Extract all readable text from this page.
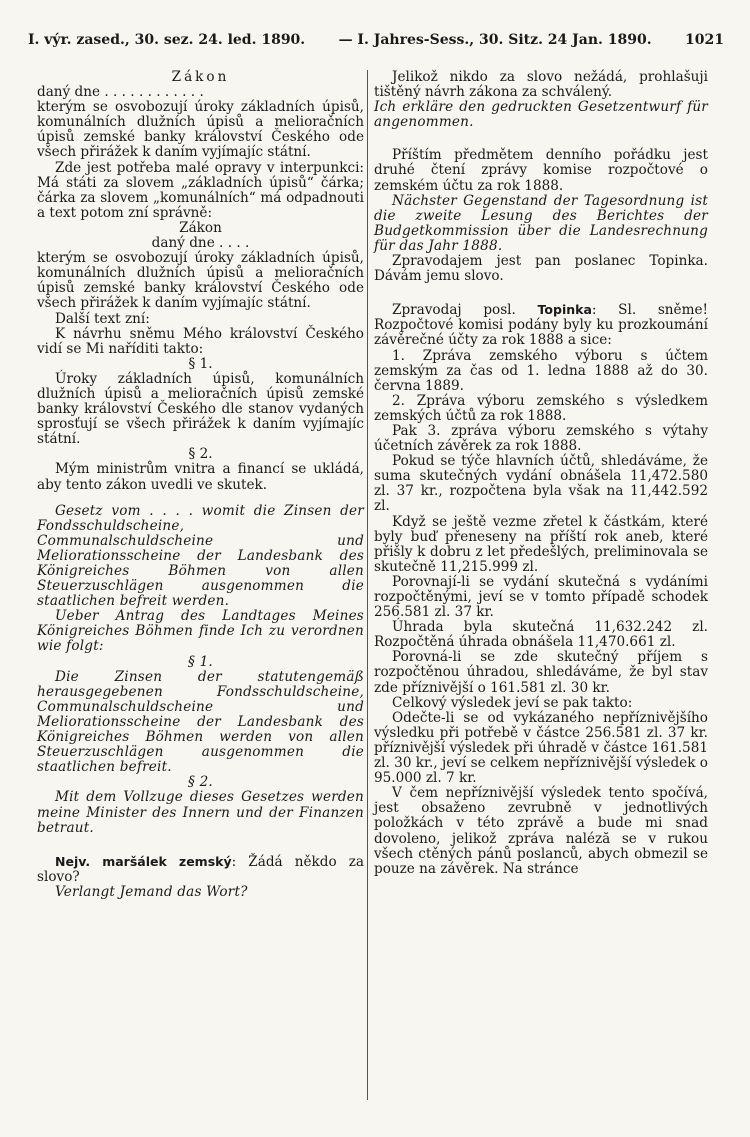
I. výr. zased., 30. sez. 24. led. 1890. — I. Jahres-Sess., 30. Sitz. 24 Jan. 1890. 1021

Zákon

daný dne . . . . . . . . . . . .

kterým se osvobozují úroky základních úpisů, komunálních dlužních úpisů a melioračních úpisů zemské banky království Českého ode všech přirážek k daním vyjímajíc státní.

Zde jest potřeba malé opravy v interpunkci: Má státi za slovem „základních úpisů“ čárka; čárka za slovem „komunálních“ má odpadnouti a text potom zní správně:

Zákon

daný dne . . . .

kterým se osvobozují úroky základních úpisů, komunálních dlužních úpisů a melioračních úpisů zemské banky království Českého ode všech přirážek k daním vyjímajíc státní.

Další text zní:

K návrhu sněmu Mého království Českého vidí se Mi naříditi takto:

§ 1.

Úroky základních úpisů, komunálních dlužních úpisů a melioračních úpisů zemské banky království Českého dle stanov vydaných sprosťují se všech přirážek k daním vyjímajíc státní.

§ 2.

Mým ministrům vnitra a financí se ukládá, aby tento zákon uvedli ve skutek.

Gesetz vom . . . . womit die Zinsen der Fondsschuldscheine, Communalschuldscheine und Meliorationsscheine der Landesbank des Königreiches Böhmen von allen Steuerzuschlägen ausgenommen die staatlichen befreit werden.

Ueber Antrag des Landtages Meines Königreiches Böhmen finde Ich zu verordnen wie folgt:

§ 1.

Die Zinsen der statutengemäß herausgegebenen Fondsschuldscheine, Communalschuldscheine und Meliorationsscheine der Landesbank des Königreiches Böhmen werden von allen Steuerzuschlägen ausgenommen die staatlichen befreit.

§ 2.

Mit dem Vollzuge dieses Gesetzes werden meine Minister des Innern und der Finanzen betraut.

Nejv. maršálek zemský: Žádá někdo za slovo?

Verlangt Jemand das Wort?

Jelikož nikdo za slovo nežádá, prohlašuji tištěný návrh zákona za schválený.

Ich erkläre den gedruckten Gesetzentwurf für angenommen.

Příštím předmětem denního pořádku jest druhé čtení zprávy komise rozpočtové o zemském účtu za rok 1888.

Nächster Gegenstand der Tagesordnung ist die zweite Lesung des Berichtes der Budgetkommission über die Landesrechnung für das Jahr 1888.

Zpravodajem jest pan poslanec Topinka. Dávám jemu slovo.

Zpravodaj posl. Topinka: Sl. sněme! Rozpočtové komisi podány byly ku prozkoumání závěrečné účty za rok 1888 a sice:

1. Zpráva zemského výboru s účtem zemským za čas od 1. ledna 1888 až do 30. června 1889.

2. Zpráva výboru zemského s výsledkem zemských účtů za rok 1888.

Pak 3. zpráva výboru zemského s výtahy účetních závěrek za rok 1888.

Pokud se týče hlavních účtů, shledáváme, že suma skutečných vydání obnášela 11,472.580 zl. 37 kr., rozpočtena byla však na 11,442.592 zl.

Když se ještě vezme zřetel k částkám, které byly buď přeneseny na příští rok aneb, které přišly k dobru z let předešlých, preliminovala se skutečně 11,215.999 zl.

Porovnají-li se vydání skutečná s vydáními rozpočtěnými, jeví se v tomto případě schodek 256.581 zl. 37 kr.

Úhrada byla skutečná 11,632.242 zl. Rozpočtěná úhrada obnášela 11,470.661 zl.

Porovná-li se zde skutečný příjem s rozpočtěnou úhradou, shledáváme, že byl stav zde příznivější o 161.581 zl. 30 kr.

Celkový výsledek jeví se pak takto:

Odečte-li se od vykázaného nepříznivějšího výsledku při potřebě v částce 256.581 zl. 37 kr. příznivější výsledek při úhradě v částce 161.581 zl. 30 kr., jeví se celkem nepříznivější výsledek o 95.000 zl. 7 kr.

V čem nepříznivější výsledek tento spočívá, jest obsaženo zevrubně v jednotlivých položkách v této zprávě a bude mi snad dovoleno, jelikož zpráva naléză se v rukou všech ctěných pánů poslanců, abych obmezil se pouze na závěrek. Na stránce
